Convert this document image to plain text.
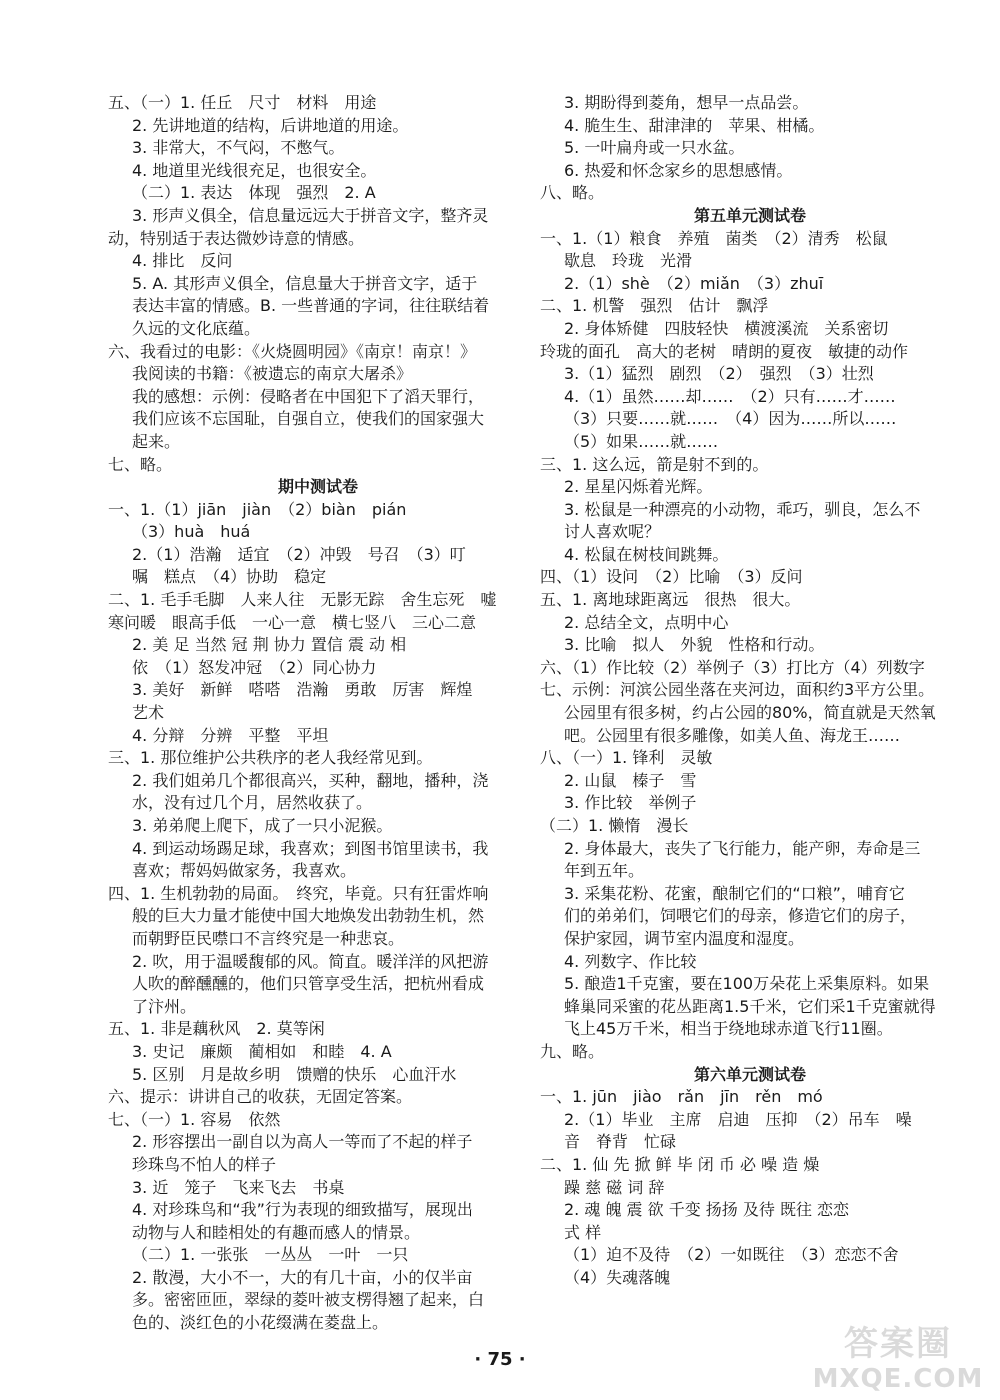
五、（一）1. 任丘　尺寸　材料　用途
2. 先讲地道的结构，后讲地道的用途。
3. 非常大，不气闷，不憋气。
4. 地道里光线很充足，也很安全。
（二）1. 表达　体现　强烈　2. A
3. 形声义俱全，信息量远远大于拼音文字，整齐灵
动，特别适于表达微妙诗意的情感。
4. 排比　反问
5. A. 其形声义俱全，信息量大于拼音文字，适于
表达丰富的情感。B. 一些普通的字词，往往联结着
久远的文化底蕴。
六、我看过的电影：《火烧圆明园》《南京！南京！》
我阅读的书籍：《被遗忘的南京大屠杀》
我的感想：示例：侵略者在中国犯下了滔天罪行，
我们应该不忘国耻，自强自立，使我们的国家强大
起来。
七、略。
期中测试卷
一、1.（1）jiān　jiàn　（2）biàn　pián
（3）huà　huá
2.（1）浩瀚　适宜　（2）冲毁　号召　（3）叮
嘱　糕点　（4）协助　稳定
二、1. 毛手毛脚　人来人往　无影无踪　舍生忘死　嘘
寒问暖　眼高手低　一心一意　横七竖八　三心二意
2. 美 足 当然 冠 荆 协力 置信 震 动 相
依　（1）怒发冲冠　（2）同心协力
3. 美好　新鲜　嗒嗒　浩瀚　勇敢　厉害　辉煌
艺术
4. 分辩　分辨　平整　平坦
三、1. 那位维护公共秩序的老人我经常见到。
2. 我们姐弟几个都很高兴，买种，翻地，播种，浇
水，没有过几个月，居然收获了。
3. 弟弟爬上爬下，成了一只小泥猴。
4. 到运动场踢足球，我喜欢；到图书馆里读书，我
喜欢；帮妈妈做家务，我喜欢。
四、1. 生机勃勃的局面。　终究，毕竟。只有狂雷炸响
般的巨大力量才能使中国大地焕发出勃勃生机，然
而朝野臣民噤口不言终究是一种悲哀。
2. 吹，用于温暖馥郁的风。简直。暖洋洋的风把游
人吹的醉醺醺的，他们只管享受生活，把杭州看成
了汴州。
五、1. 非是藕秋风　2. 莫等闲
3. 史记　廉颇　蔺相如　和睦　4. A
5. 区别　月是故乡明　馈赠的快乐　心血汗水
六、提示：讲讲自己的收获，无固定答案。
七、（一）1. 容易　依然
2. 形容摆出一副自以为高人一等而了不起的样子
珍珠鸟不怕人的样子
3. 近　笼子　飞来飞去　书桌
4. 对珍珠鸟和“我”行为表现的细致描写，展现出
动物与人和睦相处的有趣而感人的情景。
（二）1. 一张张　一丛丛　一叶　一只
2. 散漫，大小不一，大的有几十亩，小的仅半亩
多。密密匝匝，翠绿的菱叶被支楞得翘了起来，白
色的、淡红色的小花缀满在菱盘上。
3. 期盼得到菱角，想早一点品尝。
4. 脆生生、甜津津的　苹果、柑橘。
5. 一叶扁舟或一只水盆。
6. 热爱和怀念家乡的思想感情。
八、略。
第五单元测试卷
一、1.（1）粮食　养殖　菌类　（2）清秀　松鼠
歇息　玲珑　光滑
2.（1）shè　（2）miǎn　（3）zhuī
二、1. 机警　强烈　估计　飘浮
2. 身体矫健　四肢轻快　横渡溪流　关系密切
玲珑的面孔　高大的老树　晴朗的夏夜　敏捷的动作
3.（1）猛烈　剧烈　（2）　强烈　（3）壮烈
4.（1）虽然……却……　（2）只有……才……
（3）只要……就……　（4）因为……所以……
（5）如果……就……
三、1. 这么远，箭是射不到的。
2. 星星闪烁着光辉。
3. 松鼠是一种漂亮的小动物，乖巧，驯良，怎么不
讨人喜欢呢？
4. 松鼠在树枝间跳舞。
四、（1）设问　（2）比喻　（3）反问
五、1. 离地球距离远　很热　很大。
2. 总结全文，点明中心
3. 比喻　拟人　外貌　性格和行动。
六、（1）作比较（2）举例子（3）打比方（4）列数字
七、示例：河滨公园坐落在夹河边，面积约3平方公里。
公园里有很多树，约占公园的80%，简直就是天然氧
吧。公园里有很多雕像，如美人鱼、海龙王……
八、（一）1. 锋利　灵敏
2. 山鼠　榛子　雪
3. 作比较　举例子
（二）1. 懒惰　漫长
2. 身体最大，丧失了飞行能力，能产卵，寿命是三
年到五年。
3. 采集花粉、花蜜，酿制它们的“口粮”，哺育它
们的弟弟们，饲喂它们的母亲，修造它们的房子，
保护家园，调节室内温度和湿度。
4. 列数字、作比较
5. 酿造1千克蜜，要在100万朵花上采集原料。如果
蜂巢同采蜜的花丛距离1.5千米，它们采1千克蜜就得
飞上45万千米，相当于绕地球赤道飞行11圈。
九、略。
第六单元测试卷
一、1. jūn　jiào　rǎn　jīn　rěn　mó
2.（1）毕业　主席　启迪　压抑　（2）吊车　噪
音　脊背　忙碌
二、1. 仙 先 掀 鲜 毕 闭 币 必 噪 造 燥
躁 慈 磁 词 辞
2. 魂 魄 震 欲 千变 扬扬 及待 既往 恋恋
式 样
（1）迫不及待　（2）一如既往　（3）恋恋不舍
（4）失魂落魄
· 75 ·	答案圈
MXQE.COM
